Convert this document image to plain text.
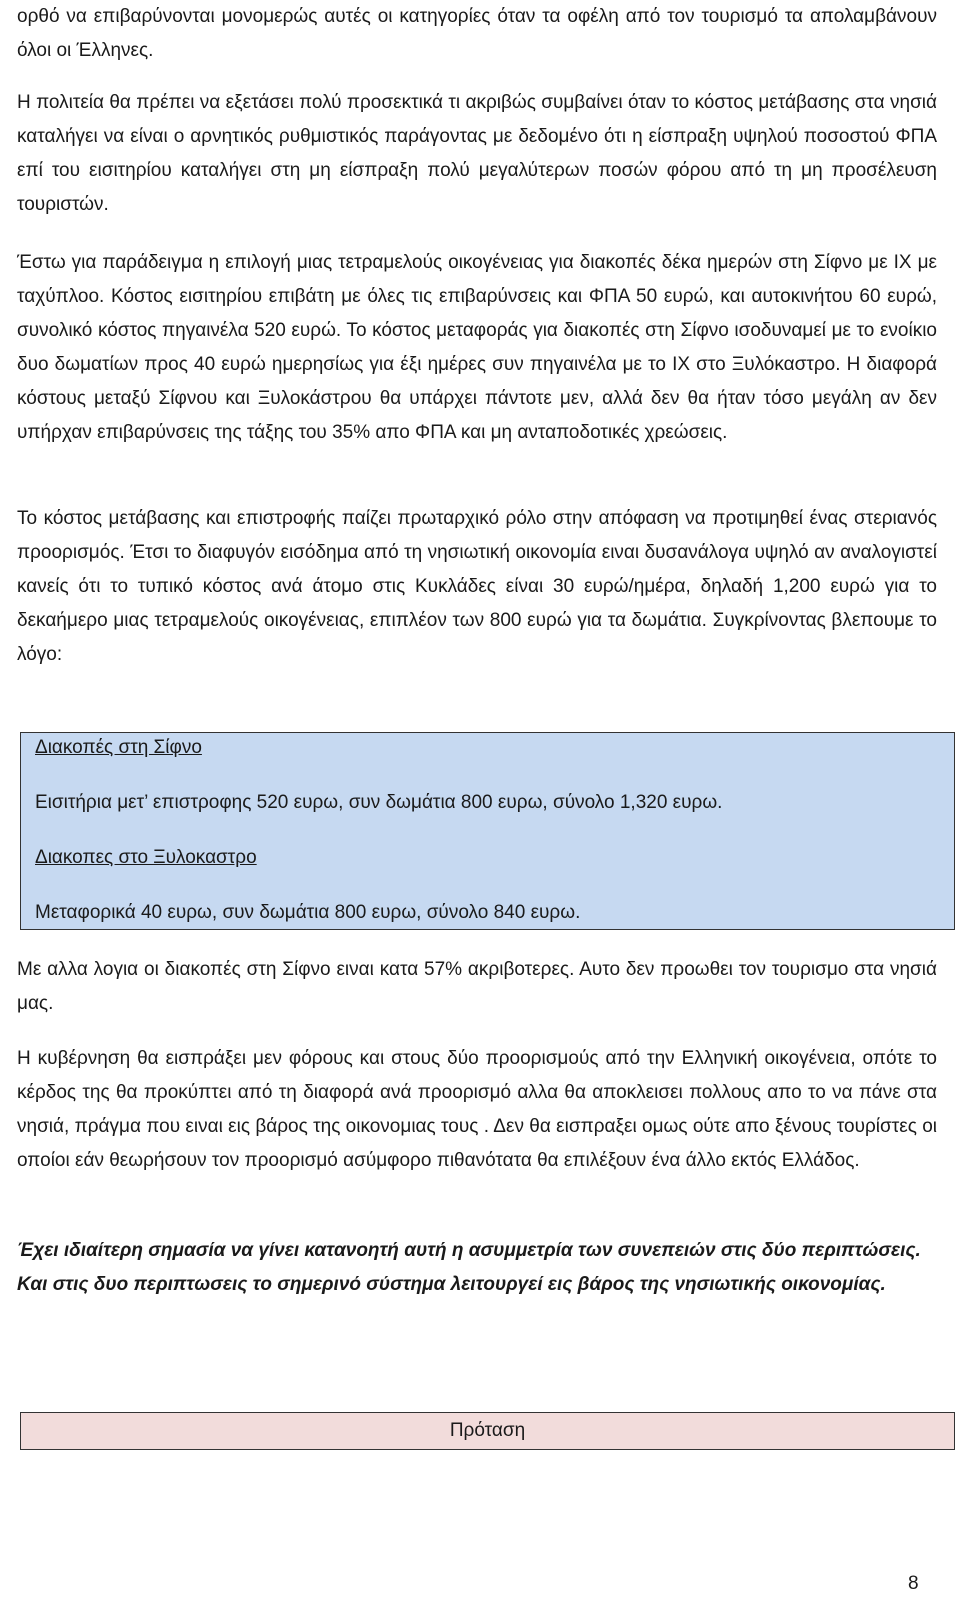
ορθό να επιβαρύνονται μονομερώς αυτές οι κατηγορίες όταν τα οφέλη από τον τουρισμό τα απολαμβάνουν όλοι οι Έλληνες.

Η πολιτεία θα πρέπει να εξετάσει πολύ προσεκτικά τι ακριβώς συμβαίνει όταν το κόστος μετάβασης στα νησιά καταλήγει να είναι ο αρνητικός ρυθμιστικός παράγοντας με δεδομένο ότι η είσπραξη υψηλού ποσοστού ΦΠΑ επί του εισιτηρίου καταλήγει στη μη είσπραξη πολύ μεγαλύτερων ποσών φόρου από τη μη προσέλευση τουριστών.

Έστω για παράδειγμα η επιλογή μιας τετραμελούς οικογένειας για διακοπές δέκα ημερών στη Σίφνο με ΙΧ με ταχύπλοο. Κόστος εισιτηρίου επιβάτη με όλες τις επιβαρύνσεις και ΦΠΑ 50 ευρώ, και αυτοκινήτου 60 ευρώ, συνολικό κόστος πηγαινέλα 520 ευρώ. Το κόστος μεταφοράς για διακοπές στη Σίφνο ισοδυναμεί με το ενοίκιο δυο δωματίων προς 40 ευρώ ημερησίως για έξι ημέρες συν πηγαινέλα με το ΙΧ στο Ξυλόκαστρο. Η διαφορά κόστους μεταξύ Σίφνου και Ξυλοκάστρου θα υπάρχει πάντοτε μεν, αλλά δεν θα ήταν τόσο μεγάλη αν δεν υπήρχαν επιβαρύνσεις της τάξης του 35% απο ΦΠΑ και μη ανταποδοτικές χρεώσεις.

Το κόστος μετάβασης και επιστροφής παίζει πρωταρχικό ρόλο στην απόφαση να προτιμηθεί ένας στεριανός προορισμός. Έτσι το διαφυγόν εισόδημα από τη νησιωτική οικονομία ειναι δυσανάλογα υψηλό αν αναλογιστεί κανείς ότι το τυπικό κόστος ανά άτομο στις Κυκλάδες είναι 30 ευρώ/ημέρα, δηλαδή 1,200 ευρώ για το δεκαήμερο μιας τετραμελούς οικογένειας, επιπλέον των 800 ευρώ για τα δωμάτια. Συγκρίνοντας βλεπουμε το λόγο:

Διακοπές στη Σίφνο
Εισιτήρια μετ’ επιστροφης 520 ευρω, συν δωμάτια 800 ευρω, σύνολο 1,320 ευρω.
Διακοπες στο Ξυλοκαστρο
Μεταφορικά 40 ευρω, συν δωμάτια 800 ευρω, σύνολο 840 ευρω.

Με αλλα λογια οι διακοπές στη Σίφνο ειναι κατα 57% ακριβοτερες. Αυτο δεν προωθει τον τουρισμο στα νησιά μας.

Η κυβέρνηση θα εισπράξει μεν φόρους και στους δύο προορισμούς από την Ελληνική οικογένεια, οπότε το κέρδος της θα προκύπτει από τη διαφορά ανά προορισμό αλλα θα αποκλεισει πολλους απο το να πάνε στα νησιά, πράγμα που ειναι εις βάρος της οικονομιας τους . Δεν θα εισπραξει ομως ούτε απο ξένους τουρίστες οι οποίοι εάν θεωρήσουν τον προορισμό ασύμφορο πιθανότατα θα επιλέξουν ένα άλλο εκτός Ελλάδος.

Έχει ιδιαίτερη σημασία να γίνει κατανοητή αυτή η ασυμμετρία των συνεπειών στις δύο περιπτώσεις. Και στις δυο περιπτωσεις το σημερινό σύστημα λειτουργεί εις βάρος της νησιωτικής οικονομίας.

Πρόταση
8
